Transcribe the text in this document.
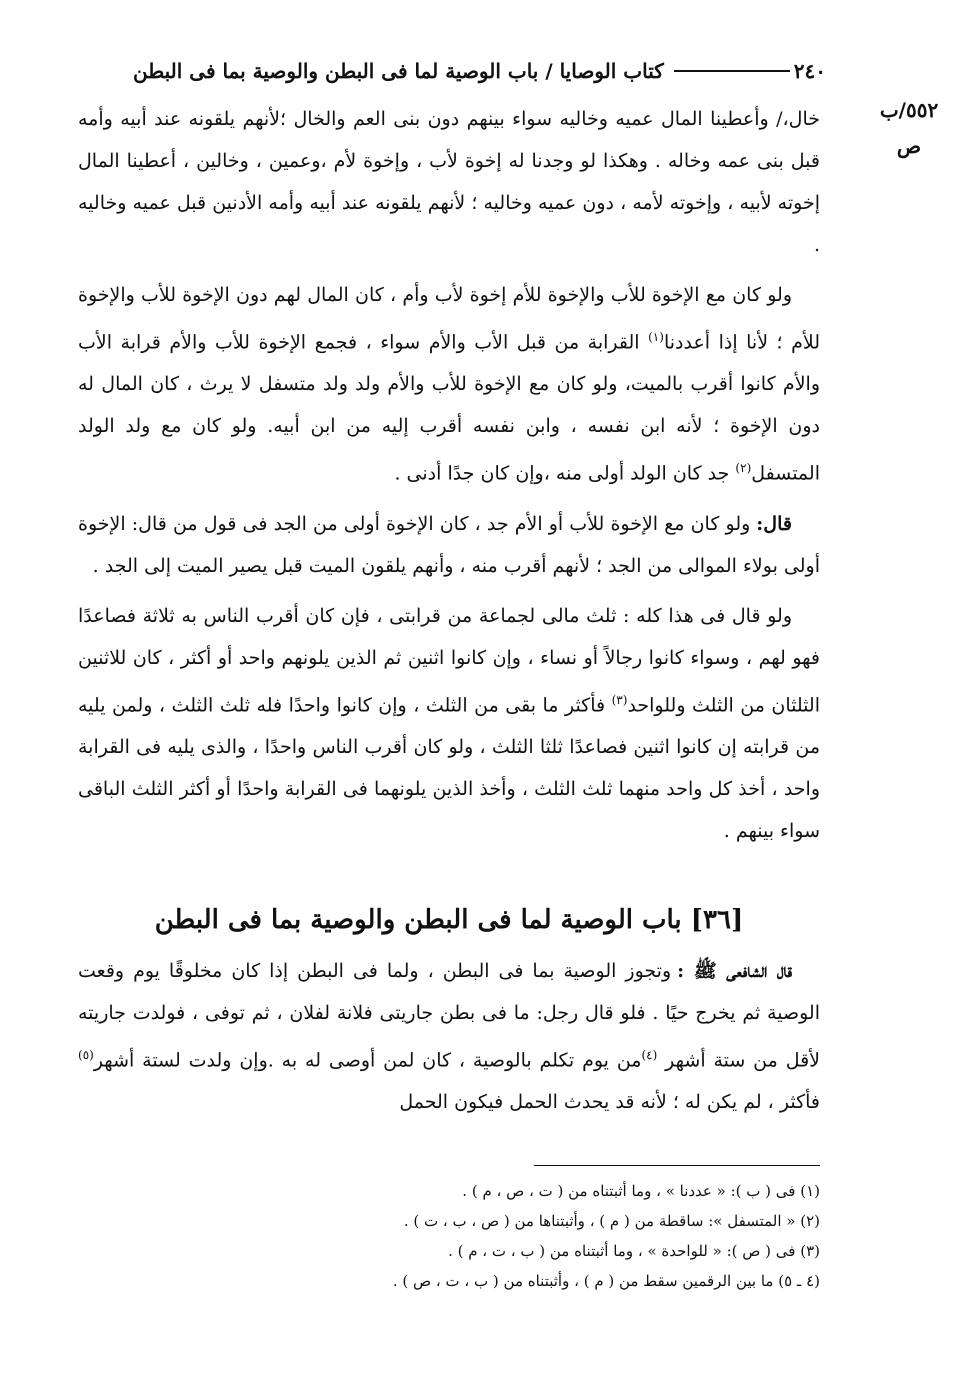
٢٤٠
كتاب الوصايا / باب الوصية لما فى البطن والوصية بما فى البطن
٥٥٢/ب
ص

خال،/ وأعطينا المال عميه وخاليه سواء بينهم دون بنى العم والخال ؛لأنهم يلقونه عند أبيه وأمه قبل بنى عمه وخاله . وهكذا لو وجدنا له إخوة لأب ، وإخوة لأم ،وعمين ، وخالين ، أعطينا المال إخوته لأبيه ، وإخوته لأمه ، دون عميه وخاليه ؛ لأنهم يلقونه عند أبيه وأمه الأدنين قبل عميه وخاليه .

ولو كان مع الإخوة للأب والإخوة للأم إخوة لأب وأم ، كان المال لهم دون الإخوة للأب والإخوة للأم ؛ لأنا إذا أعددنا$^{(١)}$ القرابة من قبل الأب والأم سواء ، فجمع الإخوة للأب والأم قرابة الأب والأم كانوا أقرب بالميت، ولو كان مع الإخوة للأب والأم ولد ولد متسفل لا يرث ، كان المال له دون الإخوة ؛ لأنه ابن نفسه ، وابن نفسه أقرب إليه من ابن أبيه. ولو كان مع ولد الولد المتسفل$^{(٢)}$ جد كان الولد أولى منه ،وإن كان جدًا أدنى .

قال:ولو كان مع الإخوة للأب أو الأم جد ، كان الإخوة أولى من الجد فى قول من قال: الإخوة أولى بولاء الموالى من الجد ؛ لأنهم أقرب منه ، وأنهم يلقون الميت قبل يصير الميت إلى الجد .

ولو قال فى هذا كله : ثلث مالى لجماعة من قرابتى ، فإن كان أقرب الناس به ثلاثة فصاعدًا فهو لهم ، وسواء كانوا رجالاً أو نساء ، وإن كانوا اثنين ثم الذين يلونهم واحد أو أكثر ، كان للاثنين الثلثان من الثلث وللواحد$^{(٣)}$ فأكثر ما بقى من الثلث ، وإن كانوا واحدًا فله ثلث الثلث ، ولمن يليه من قرابته إن كانوا اثنين فصاعدًا ثلثا الثلث ، ولو كان أقرب الناس واحدًا ، والذى يليه فى القرابة واحد ، أخذ كل واحد منهما ثلث الثلث ، وأخذ الذين يلونهما فى القرابة واحدًا أو أكثر الثلث الباقى سواء بينهم .

[٣٦] باب الوصية لما فى البطن والوصية بما فى البطن

قال الشافعى ﷺ :وتجوز الوصية بما فى البطن ، ولما فى البطن إذا كان مخلوقًا يوم وقعت الوصية ثم يخرج حيًا . فلو قال رجل: ما فى بطن جاريتى فلانة لفلان ، ثم توفى ، فولدت جاريته لأقل من ستة أشهر $^{(٤)}$من يوم تكلم بالوصية ، كان لمن أوصى له به .وإن ولدت لستة أشهر$^{(٥)}$ فأكثر ، لم يكن له ؛ لأنه قد يحدث الحمل فيكون الحمل

(١) فى ( ب ): « عددنا » ، وما أثبتناه من ( ت ، ص ، م ) .
(٢) « المتسفل »: ساقطة من ( م ) ، وأثبتناها من ( ص ، ب ، ت ) .
(٣) فى ( ص ): « للواحدة » ، وما أثبتناه من ( ب ، ت ، م ) .
(٤ ـ ٥) ما بين الرقمين سقط من ( م ) ، وأثبتناه من ( ب ، ت ، ص ) .
